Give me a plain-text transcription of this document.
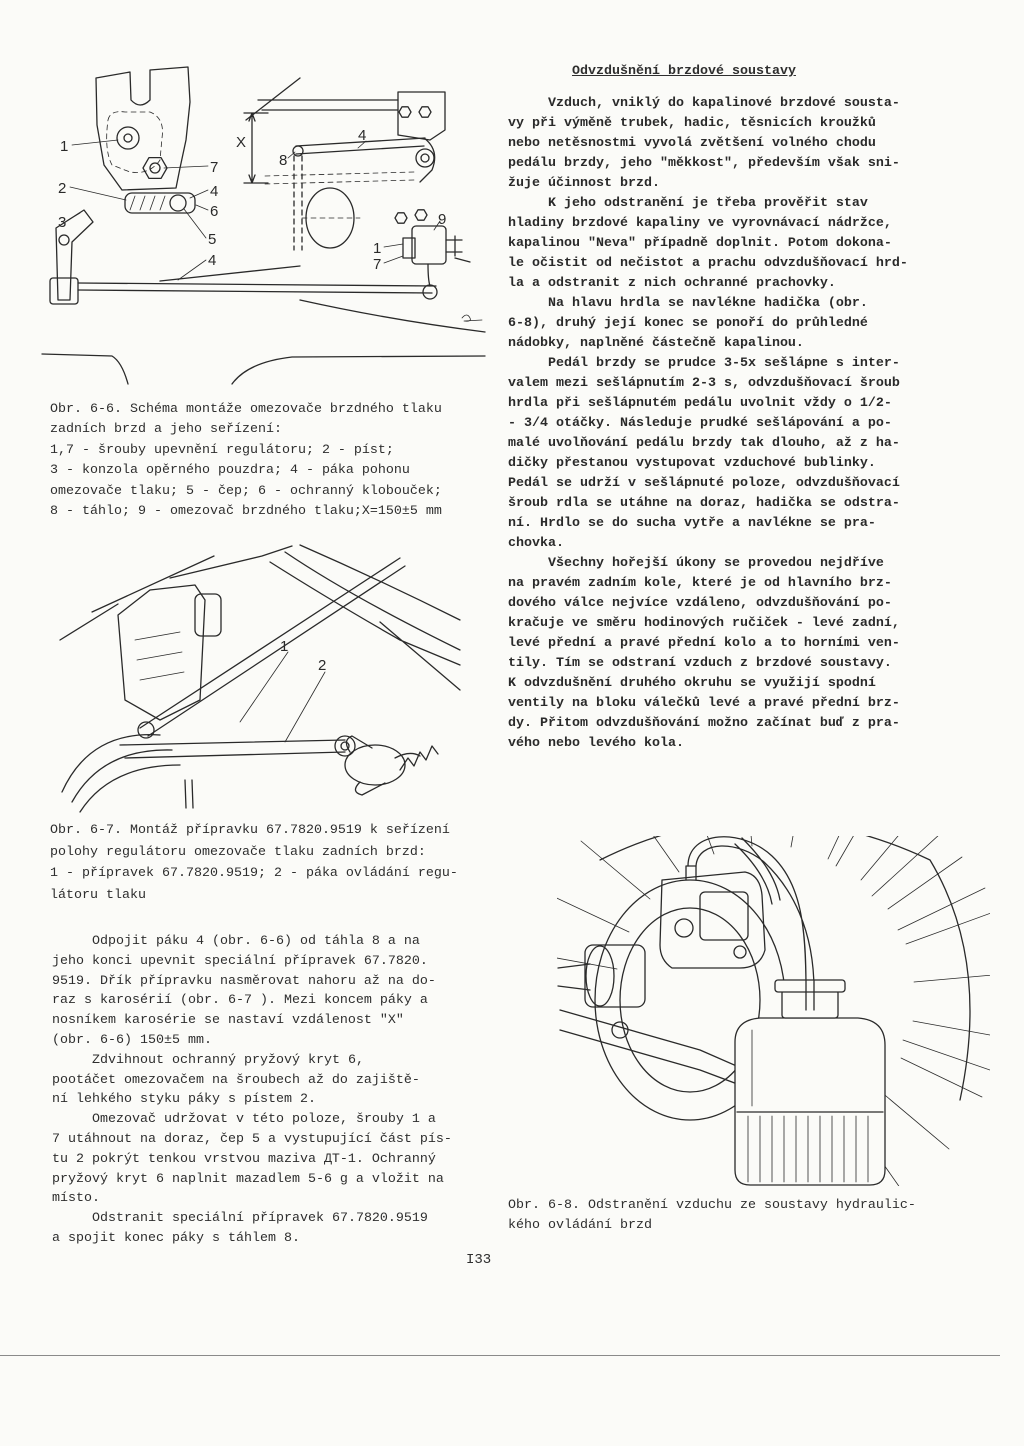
1
2
3
7
4
6
5
4
X
8
4
9
1
7
1
2
Obr. 6-6. Schéma montáže omezovače brzdného tlaku
zadních brzd a jeho seřízení:
1,7 - šrouby upevnění regulátoru; 2 - píst;
3 - konzola opěrného pouzdra; 4 - páka pohonu
omezovače tlaku; 5 - čep; 6 - ochranný klobouček;
8 - táhlo; 9 - omezovač brzdného tlaku;X=150±5 mm
Obr. 6-7. Montáž přípravku 67.7820.9519 k seřízení
polohy regulátoru omezovače tlaku zadních brzd:
1 - přípravek 67.7820.9519; 2 - páka ovládání regu-
látoru tlaku
Odpojit páku 4 (obr. 6-6) od táhla 8 a na
jeho konci upevnit speciální přípravek 67.7820.
9519. Dřík přípravku nasměrovat nahoru až na do-
raz s karosérií (obr. 6-7 ). Mezi koncem páky a
nosníkem karosérie se nastaví vzdálenost "X"
(obr. 6-6) 150±5 mm.
Zdvihnout ochranný pryžový kryt 6,
pootáčet omezovačem na šroubech až do zajiště-
ní lehkého styku páky s pístem 2.
Omezovač udržovat v této poloze, šrouby 1 a
7 utáhnout na doraz, čep 5 a vystupující část pís-
tu 2 pokrýt tenkou vrstvou maziva ДТ-1. Ochranný
pryžový kryt 6 naplnit mazadlem 5-6 g a vložit na
místo.
Odstranit speciální přípravek 67.7820.9519
a spojit konec páky s táhlem 8.
Odvzdušnění brzdové soustavy
Vzduch, vniklý do kapalinové brzdové sousta-
vy při výměně trubek, hadic, těsnicích kroužků
nebo netěsnostmi vyvolá zvětšení volného chodu
pedálu brzdy, jeho "měkkost", především však sni-
žuje účinnost brzd.
K jeho odstranění je třeba prověřit stav
hladiny brzdové kapaliny ve vyrovnávací nádržce,
kapalinou "Neva" případně doplnit. Potom dokona-
le očistit od nečistot a prachu odvzdušňovací hrd-
la a odstranit z nich ochranné prachovky.
Na hlavu hrdla se navlékne hadička (obr.
6-8), druhý její konec se ponoří do průhledné
nádobky, naplněné částečně kapalinou.
Pedál brzdy se prudce 3-5x sešlápne s inter-
valem mezi sešlápnutím 2-3 s, odvzdušňovací šroub
hrdla při sešlápnutém pedálu uvolnit vždy o 1/2-
- 3/4 otáčky. Následuje prudké sešlápování a po-
malé uvolňování pedálu brzdy tak dlouho, až z ha-
dičky přestanou vystupovat vzduchové bublinky.
Pedál se udrží v sešlápnuté poloze, odvzdušňovací
šroub rdla se utáhne na doraz, hadička se odstra-
ní. Hrdlo se do sucha vytře a navlékne se pra-
chovka.
Všechny hořejší úkony se provedou nejdříve
na pravém zadním kole, které je od hlavního brz-
dového válce nejvíce vzdáleno, odvzdušňování po-
kračuje ve směru hodinových ručiček - levé zadní,
levé přední a pravé přední kolo a to horními ven-
tily. Tím se odstraní vzduch z brzdové soustavy.
K odvzdušnění druhého okruhu se využijí spodní
ventily na bloku válečků levé a pravé přední brz-
dy. Přitom odvzdušňování možno začínat buď z pra-
vého nebo levého kola.
Obr. 6-8. Odstranění vzduchu ze soustavy hydraulic-
kého ovládání brzd
I33
